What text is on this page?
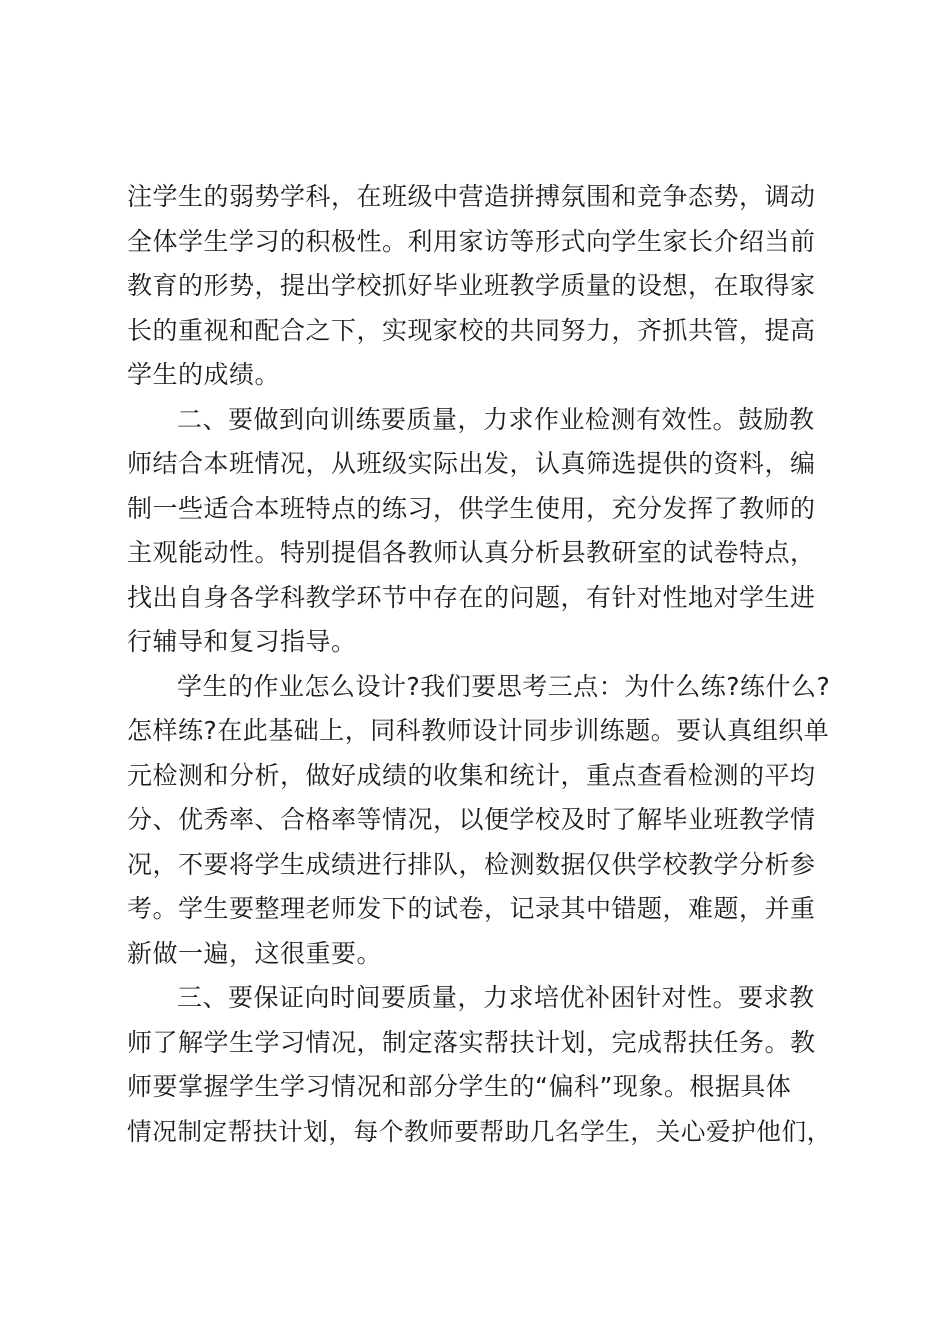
注学生的弱势学科，在班级中营造拼搏氛围和竞争态势，调动
全体学生学习的积极性。利用家访等形式向学生家长介绍当前
教育的形势，提出学校抓好毕业班教学质量的设想，在取得家
长的重视和配合之下，实现家校的共同努力，齐抓共管，提高
学生的成绩。

二、要做到向训练要质量，力求作业检测有效性。鼓励教
师结合本班情况，从班级实际出发，认真筛选提供的资料，编
制一些适合本班特点的练习，供学生使用，充分发挥了教师的
主观能动性。特别提倡各教师认真分析县教研室的试卷特点，
找出自身各学科教学环节中存在的问题，有针对性地对学生进
行辅导和复习指导。

学生的作业怎么设计?我们要思考三点：为什么练?练什么?
怎样练?在此基础上，同科教师设计同步训练题。要认真组织单
元检测和分析，做好成绩的收集和统计，重点查看检测的平均
分、优秀率、合格率等情况，以便学校及时了解毕业班教学情
况，不要将学生成绩进行排队，检测数据仅供学校教学分析参
考。学生要整理老师发下的试卷，记录其中错题，难题，并重
新做一遍，这很重要。

三、要保证向时间要质量，力求培优补困针对性。要求教
师了解学生学习情况，制定落实帮扶计划，完成帮扶任务。教
师要掌握学生学习情况和部分学生的“偏科”现象。根据具体
情况制定帮扶计划，每个教师要帮助几名学生，关心爱护他们，
